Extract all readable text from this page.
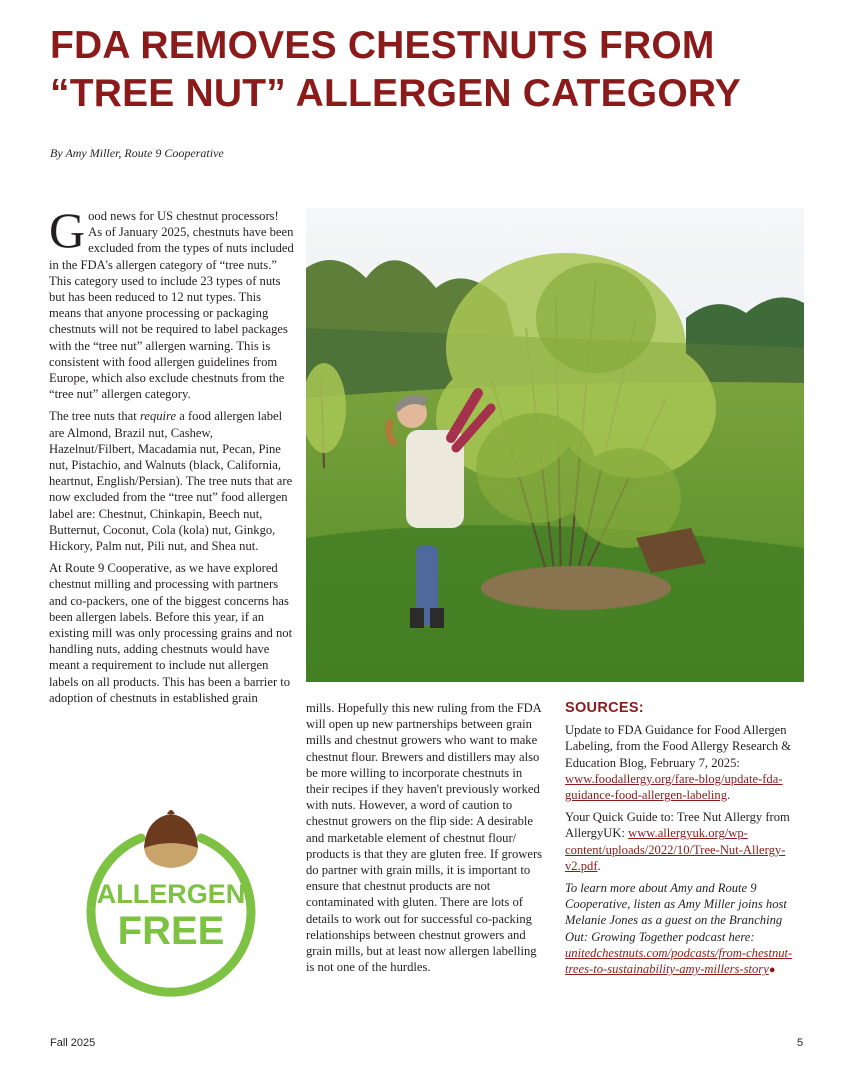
FDA REMOVES CHESTNUTS FROM
“TREE NUT” ALLERGEN CATEGORY
By Amy Miller, Route 9 Cooperative

Good news for US chestnut processors! As of January 2025, chestnuts have been excluded from the types of nuts included in the FDA's allergen category of “tree nuts.” This category used to include 23 types of nuts but has been reduced to 12 nut types. This means that anyone processing or packaging chestnuts will not be required to label packages with the “tree nut” allergen warning. This is consistent with food allergen guidelines from Europe, which also exclude chestnuts from the “tree nut” allergen category.

The tree nuts that require a food allergen label are Almond, Brazil nut, Cashew, Hazelnut/Filbert, Macadamia nut, Pecan, Pine nut, Pistachio, and Walnuts (black, California, heartnut, English/Persian). The tree nuts that are now excluded from the “tree nut” food allergen label are: Chestnut, Chinkapin, Beech nut, Butternut, Coconut, Cola (kola) nut, Ginkgo, Hickory, Palm nut, Pili nut, and Shea nut.

At Route 9 Cooperative, as we have explored chestnut milling and processing with partners and co-packers, one of the biggest concerns has been allergen labels. Before this year, if an existing mill was only processing grains and not handling nuts, adding chestnuts would have meant a requirement to include nut allergen labels on all products. This has been a barrier to adoption of chestnuts in established grain

mills. Hopefully this new ruling from the FDA will open up new partnerships between grain mills and chestnut growers who want to make chestnut flour. Brewers and distillers may also be more willing to incorporate chestnuts in their recipes if they haven't previously worked with nuts. However, a word of caution to chestnut growers on the flip side: A desirable and marketable element of chestnut flour/ products is that they are gluten free. If growers do partner with grain mills, it is important to ensure that chestnut products are not contaminated with gluten. There are lots of details to work out for successful co-packing relationships between chestnut growers and grain mills, but at least now allergen labelling is not one of the hurdles.

SOURCES:

Update to FDA Guidance for Food Allergen Labeling, from the Food Allergy Research & Education Blog, February 7, 2025: www.foodallergy.org/fare-blog/update-fda-guidance-food-allergen-labeling.

Your Quick Guide to: Tree Nut Allergy from AllergyUK: www.allergyuk.org/wp-content/uploads/2022/10/Tree-Nut-Allergy-v2.pdf.

To learn more about Amy and Route 9 Cooperative, listen as Amy Miller joins host Melanie Jones as a guest on the Branching Out: Growing Together podcast here: unitedchestnuts.com/podcasts/from-chestnut-trees-to-sustainability-amy-millers-story●

ALLERGEN
FREE
Fall 2025	5
